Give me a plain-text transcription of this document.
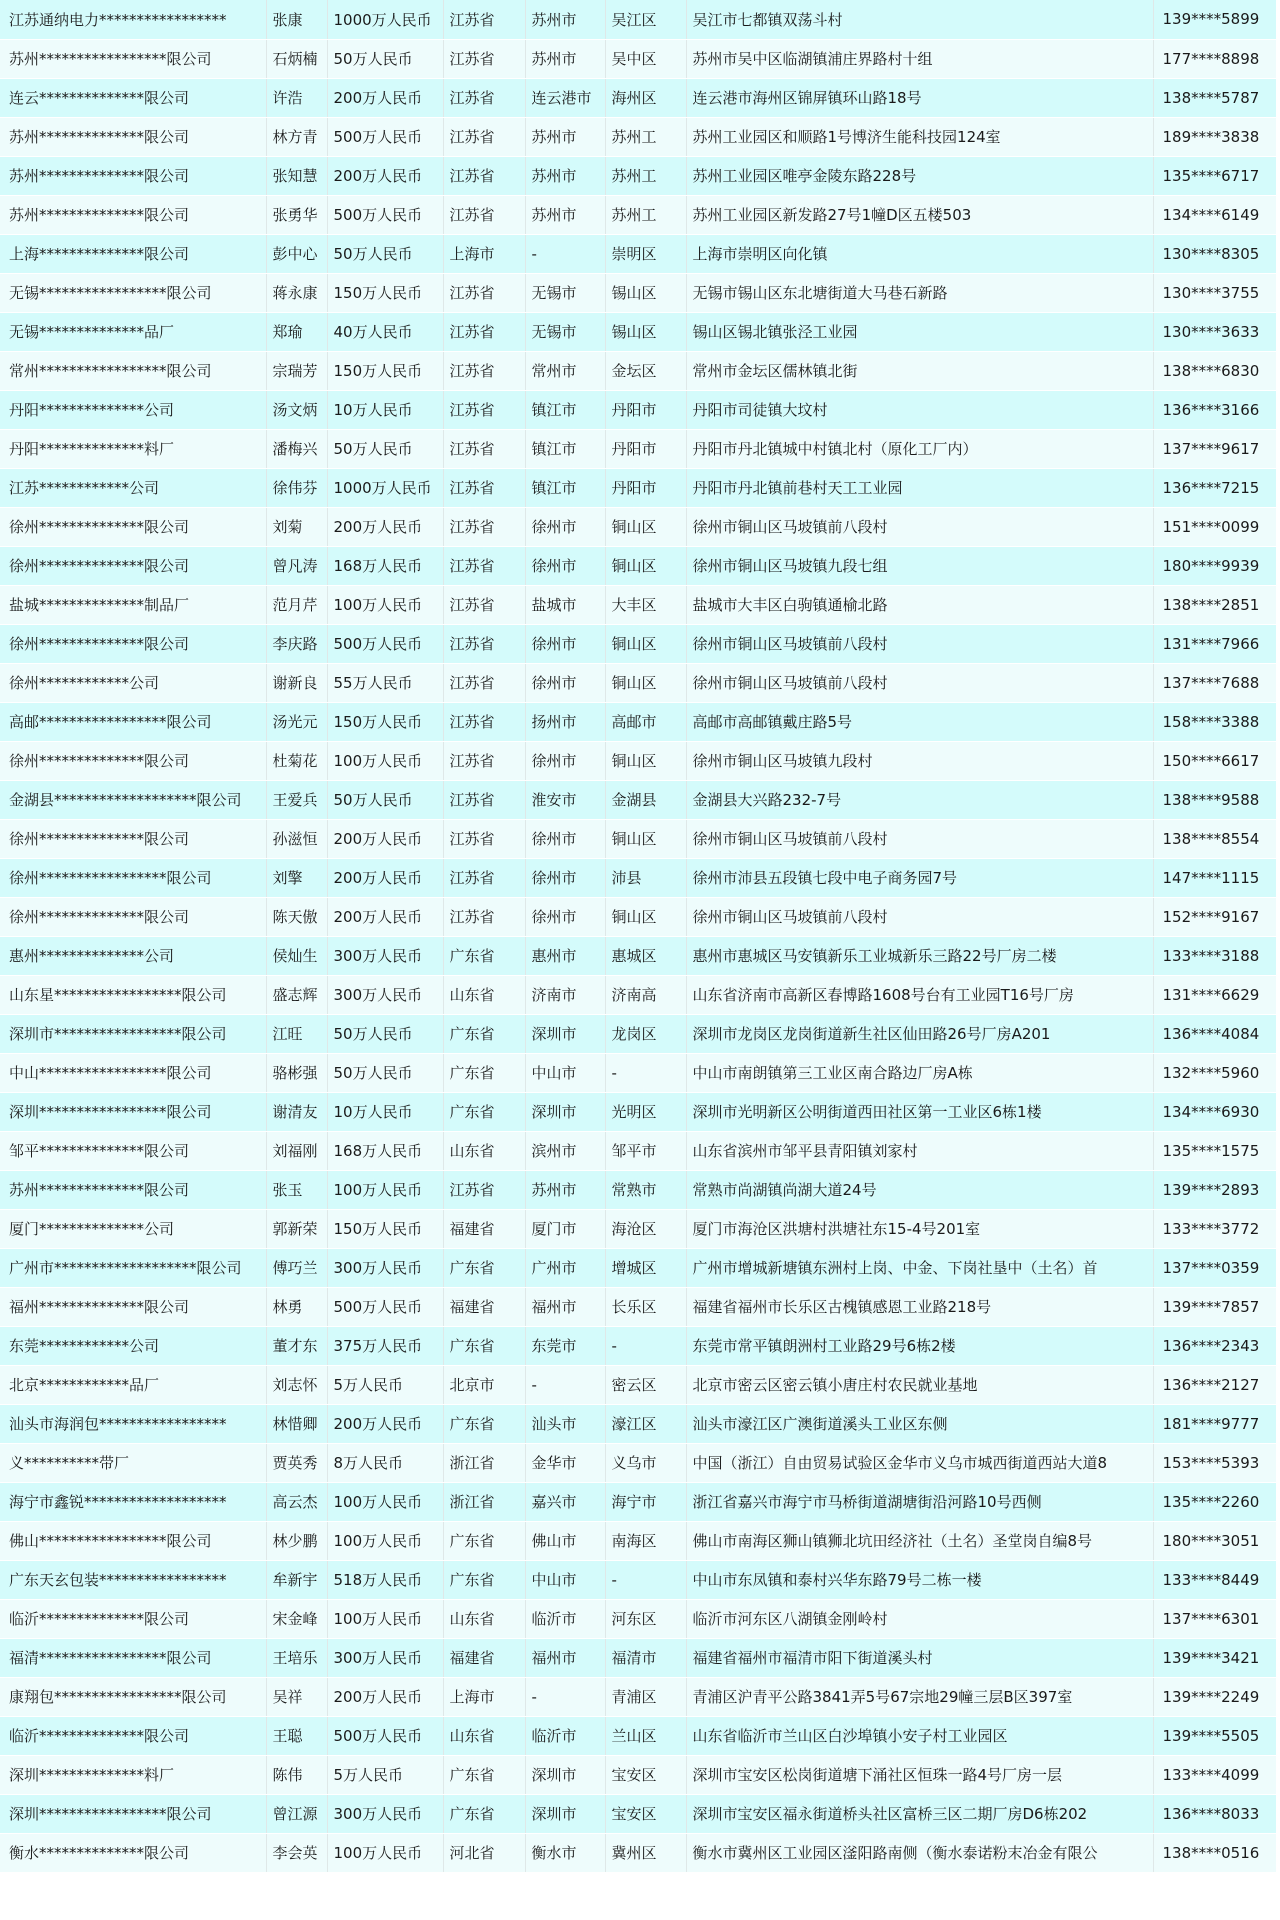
江苏通纳电力*****************	张康	1000万人民币	江苏省	苏州市	吴江区	吴江市七都镇双荡斗村	139****5899
苏州*****************限公司	石炳楠	50万人民币	江苏省	苏州市	吴中区	苏州市吴中区临湖镇浦庄界路村十组	177****8898
连云**************限公司	许浩	200万人民币	江苏省	连云港市	海州区	连云港市海州区锦屏镇环山路18号	138****5787
苏州**************限公司	林方青	500万人民币	江苏省	苏州市	苏州工	苏州工业园区和顺路1号博济生能科技园124室	189****3838
苏州**************限公司	张知慧	200万人民币	江苏省	苏州市	苏州工	苏州工业园区唯亭金陵东路228号	135****6717
苏州**************限公司	张勇华	500万人民币	江苏省	苏州市	苏州工	苏州工业园区新发路27号1幢D区五楼503	134****6149
上海**************限公司	彭中心	50万人民币	上海市	-	崇明区	上海市崇明区向化镇	130****8305
无锡*****************限公司	蒋永康	150万人民币	江苏省	无锡市	锡山区	无锡市锡山区东北塘街道大马巷石新路	130****3755
无锡**************品厂	郑瑜	40万人民币	江苏省	无锡市	锡山区	锡山区锡北镇张泾工业园	130****3633
常州*****************限公司	宗瑞芳	150万人民币	江苏省	常州市	金坛区	常州市金坛区儒林镇北街	138****6830
丹阳**************公司	汤文炳	10万人民币	江苏省	镇江市	丹阳市	丹阳市司徒镇大坟村	136****3166
丹阳**************料厂	潘梅兴	50万人民币	江苏省	镇江市	丹阳市	丹阳市丹北镇城中村镇北村（原化工厂内）	137****9617
江苏************公司	徐伟芬	1000万人民币	江苏省	镇江市	丹阳市	丹阳市丹北镇前巷村天工工业园	136****7215
徐州**************限公司	刘菊	200万人民币	江苏省	徐州市	铜山区	徐州市铜山区马坡镇前八段村	151****0099
徐州**************限公司	曾凡涛	168万人民币	江苏省	徐州市	铜山区	徐州市铜山区马坡镇九段七组	180****9939
盐城**************制品厂	范月芹	100万人民币	江苏省	盐城市	大丰区	盐城市大丰区白驹镇通榆北路	138****2851
徐州**************限公司	李庆路	500万人民币	江苏省	徐州市	铜山区	徐州市铜山区马坡镇前八段村	131****7966
徐州************公司	谢新良	55万人民币	江苏省	徐州市	铜山区	徐州市铜山区马坡镇前八段村	137****7688
高邮*****************限公司	汤光元	150万人民币	江苏省	扬州市	高邮市	高邮市高邮镇戴庄路5号	158****3388
徐州**************限公司	杜菊花	100万人民币	江苏省	徐州市	铜山区	徐州市铜山区马坡镇九段村	150****6617
金湖县*******************限公司	王爱兵	50万人民币	江苏省	淮安市	金湖县	金湖县大兴路232-7号	138****9588
徐州**************限公司	孙滋恒	200万人民币	江苏省	徐州市	铜山区	徐州市铜山区马坡镇前八段村	138****8554
徐州*****************限公司	刘擎	200万人民币	江苏省	徐州市	沛县	徐州市沛县五段镇七段中电子商务园7号	147****1115
徐州**************限公司	陈天傲	200万人民币	江苏省	徐州市	铜山区	徐州市铜山区马坡镇前八段村	152****9167
惠州**************公司	侯灿生	300万人民币	广东省	惠州市	惠城区	惠州市惠城区马安镇新乐工业城新乐三路22号厂房二楼	133****3188
山东星*****************限公司	盛志辉	300万人民币	山东省	济南市	济南高	山东省济南市高新区春博路1608号台有工业园T16号厂房	131****6629
深圳市*****************限公司	江旺	50万人民币	广东省	深圳市	龙岗区	深圳市龙岗区龙岗街道新生社区仙田路26号厂房A201	136****4084
中山*****************限公司	骆彬强	50万人民币	广东省	中山市	-	中山市南朗镇第三工业区南合路边厂房A栋	132****5960
深圳*****************限公司	谢清友	10万人民币	广东省	深圳市	光明区	深圳市光明新区公明街道西田社区第一工业区6栋1楼	134****6930
邹平**************限公司	刘福刚	168万人民币	山东省	滨州市	邹平市	山东省滨州市邹平县青阳镇刘家村	135****1575
苏州**************限公司	张玉	100万人民币	江苏省	苏州市	常熟市	常熟市尚湖镇尚湖大道24号	139****2893
厦门**************公司	郭新荣	150万人民币	福建省	厦门市	海沧区	厦门市海沧区洪塘村洪塘社东15-4号201室	133****3772
广州市*******************限公司	傅巧兰	300万人民币	广东省	广州市	增城区	广州市增城新塘镇东洲村上岗、中金、下岗社垦中（土名）首	137****0359
福州**************限公司	林勇	500万人民币	福建省	福州市	长乐区	福建省福州市长乐区古槐镇感恩工业路218号	139****7857
东莞************公司	董才东	375万人民币	广东省	东莞市	-	东莞市常平镇朗洲村工业路29号6栋2楼	136****2343
北京************品厂	刘志怀	5万人民币	北京市	-	密云区	北京市密云区密云镇小唐庄村农民就业基地	136****2127
汕头市海润包*****************	林惜卿	200万人民币	广东省	汕头市	濠江区	汕头市濠江区广澳街道溪头工业区东侧	181****9777
义**********带厂	贾英秀	8万人民币	浙江省	金华市	义乌市	中国（浙江）自由贸易试验区金华市义乌市城西街道西站大道8	153****5393
海宁市鑫锐*******************	高云杰	100万人民币	浙江省	嘉兴市	海宁市	浙江省嘉兴市海宁市马桥街道湖塘街沿河路10号西侧	135****2260
佛山*****************限公司	林少鹏	100万人民币	广东省	佛山市	南海区	佛山市南海区狮山镇狮北坑田经济社（土名）圣堂岗自编8号	180****3051
广东天玄包装*****************	牟新宇	518万人民币	广东省	中山市	-	中山市东凤镇和泰村兴华东路79号二栋一楼	133****8449
临沂**************限公司	宋金峰	100万人民币	山东省	临沂市	河东区	临沂市河东区八湖镇金刚岭村	137****6301
福清*****************限公司	王培乐	300万人民币	福建省	福州市	福清市	福建省福州市福清市阳下街道溪头村	139****3421
康翔包*****************限公司	吴祥	200万人民币	上海市	-	青浦区	青浦区沪青平公路3841弄5号67宗地29幢三层B区397室	139****2249
临沂**************限公司	王聪	500万人民币	山东省	临沂市	兰山区	山东省临沂市兰山区白沙埠镇小安子村工业园区	139****5505
深圳**************料厂	陈伟	5万人民币	广东省	深圳市	宝安区	深圳市宝安区松岗街道塘下涌社区恒珠一路4号厂房一层	133****4099
深圳*****************限公司	曾江源	300万人民币	广东省	深圳市	宝安区	深圳市宝安区福永街道桥头社区富桥三区二期厂房D6栋202	136****8033
衡水**************限公司	李会英	100万人民币	河北省	衡水市	冀州区	衡水市冀州区工业园区滏阳路南侧（衡水泰诺粉末冶金有限公	138****0516
